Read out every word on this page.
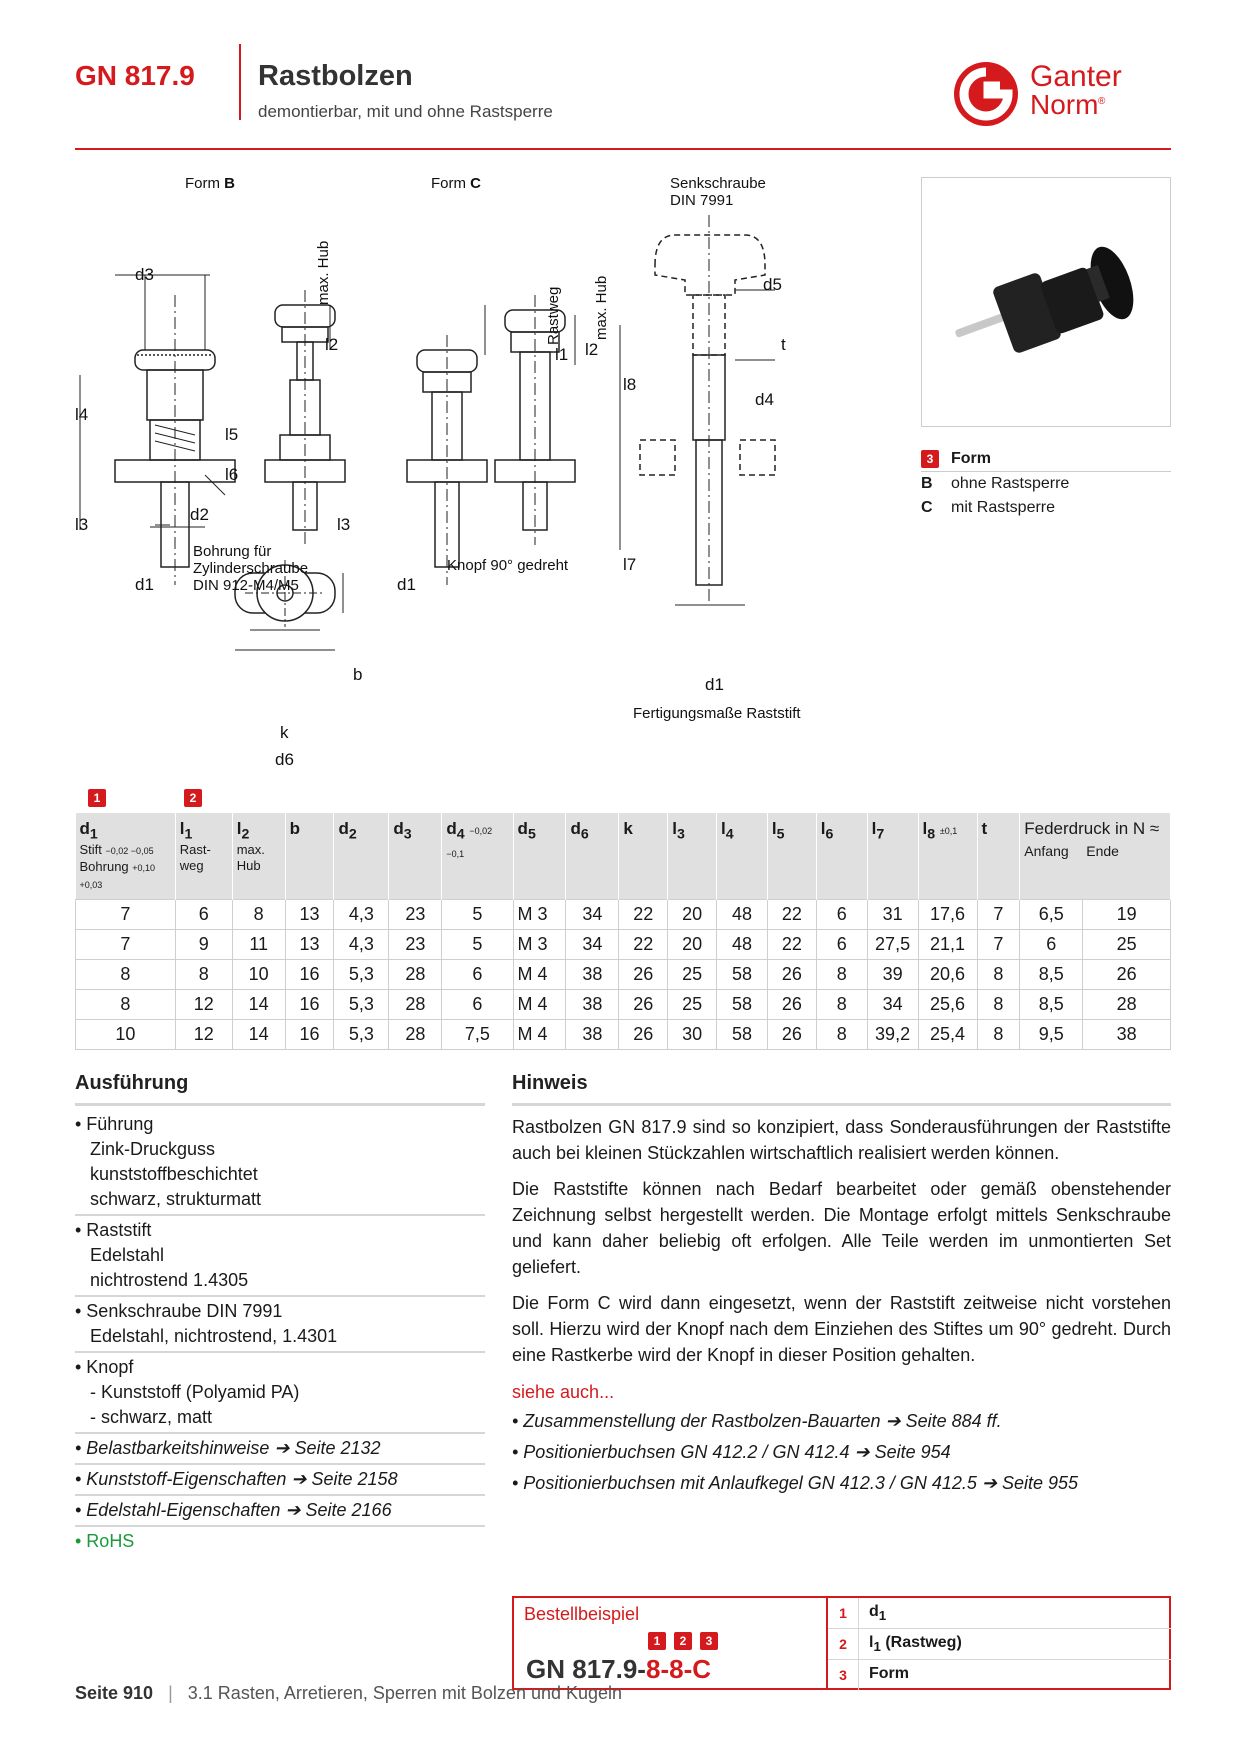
GN 817.9 Rastbolzen
demontierbar, mit und ohne Rastsperre
Ganter
Norm ®
Form B	Form C	Senkschraube
DIN 7991
Bohrung für
Zylinderschraube
DIN 912-M4/M5
Knopf 90° gedreht
Fertigungsmaße Raststift
max. Hub
Rastweg max. Hub
d3
d2
d1	d1
d5
d4
t
d1
k
d6
b
l4
l3
l5
l6
l2
l1 l2
l3
l8
l7
3	Form
B	ohne Rastsperre
C	mit Rastsperre
1	2
$d_1$
Stift −0,02 −0,05
Bohrung +0,10 +0,03	$l_1$
Rast-
weg	$l_2$
max.
Hub	b	$d_2$	$d_3$	$d_4 -0,02 -0,1$	$d_5$	$d_6$	k	$l_3$	$l_4$	$l_5$	$l_6$	$l_7$	$l_8 \pm 0,1$	t	Federdruck in N ≈
Anfang Ende	

7	6	8	13	4,3	23	5	M 3	34	22	20	48	22	6	31	17,6	7	6,5	19
7	9	11	13	4,3	23	5	M 3	34	22	20	48	22	6	27,5	21,1	7	6	25
8	8	10	16	5,3	28	6	M 4	38	26	25	58	26	8	39	20,6	8	8,5	26
8	12	14	16	5,3	28	6	M 4	38	26	25	58	26	8	34	25,6	8	8,5	28
10	12	14	16	5,3	28	7,5	M 4	38	26	30	58	26	8	39,2	25,4	8	9,5	38
Ausführung
• Führung
Zink-Druckguss
kunststoffbeschichtet
schwarz, strukturmatt
• Raststift
Edelstahl
nichtrostend 1.4305
• Senkschraube DIN 7991
Edelstahl, nichtrostend, 1.4301
• Knopf
- Kunststoff (Polyamid PA)
- schwarz, matt
• Belastbarkeitshinweise ➔ Seite 2132
• Kunststoff-Eigenschaften ➔ Seite 2158
• Edelstahl-Eigenschaften ➔ Seite 2166
• RoHS
Hinweis

Rastbolzen GN 817.9 sind so konzipiert, dass Sonderausführungen der Raststifte auch bei kleinen Stückzahlen wirtschaftlich realisiert werden können.

Die Raststifte können nach Bedarf bearbeitet oder gemäß obenstehender Zeichnung selbst hergestellt werden. Die Montage erfolgt mittels Senkschraube und kann daher beliebig oft erfolgen. Alle Teile werden im unmontierten Set geliefert.

Die Form C wird dann eingesetzt, wenn der Raststift zeitweise nicht vorstehen soll. Hierzu wird der Knopf nach dem Einziehen des Stiftes um 90° gedreht. Durch eine Rastkerbe wird der Knopf in dieser Position gehalten.

siehe auch...
• Zusammenstellung der Rastbolzen-Bauarten ➔ Seite 884 ff.
• Positionierbuchsen GN 412.2 / GN 412.4 ➔ Seite 954
• Positionierbuchsen mit Anlaufkegel GN 412.3 / GN 412.5 ➔ Seite 955
Bestellbeispiel
1	2	3
GN 817.9-8-8-C
1	$d_1$
2	$l_1$ (Rastweg)
3	Form
Seite 910 | 3.1 Rasten, Arretieren, Sperren mit Bolzen und Kugeln
